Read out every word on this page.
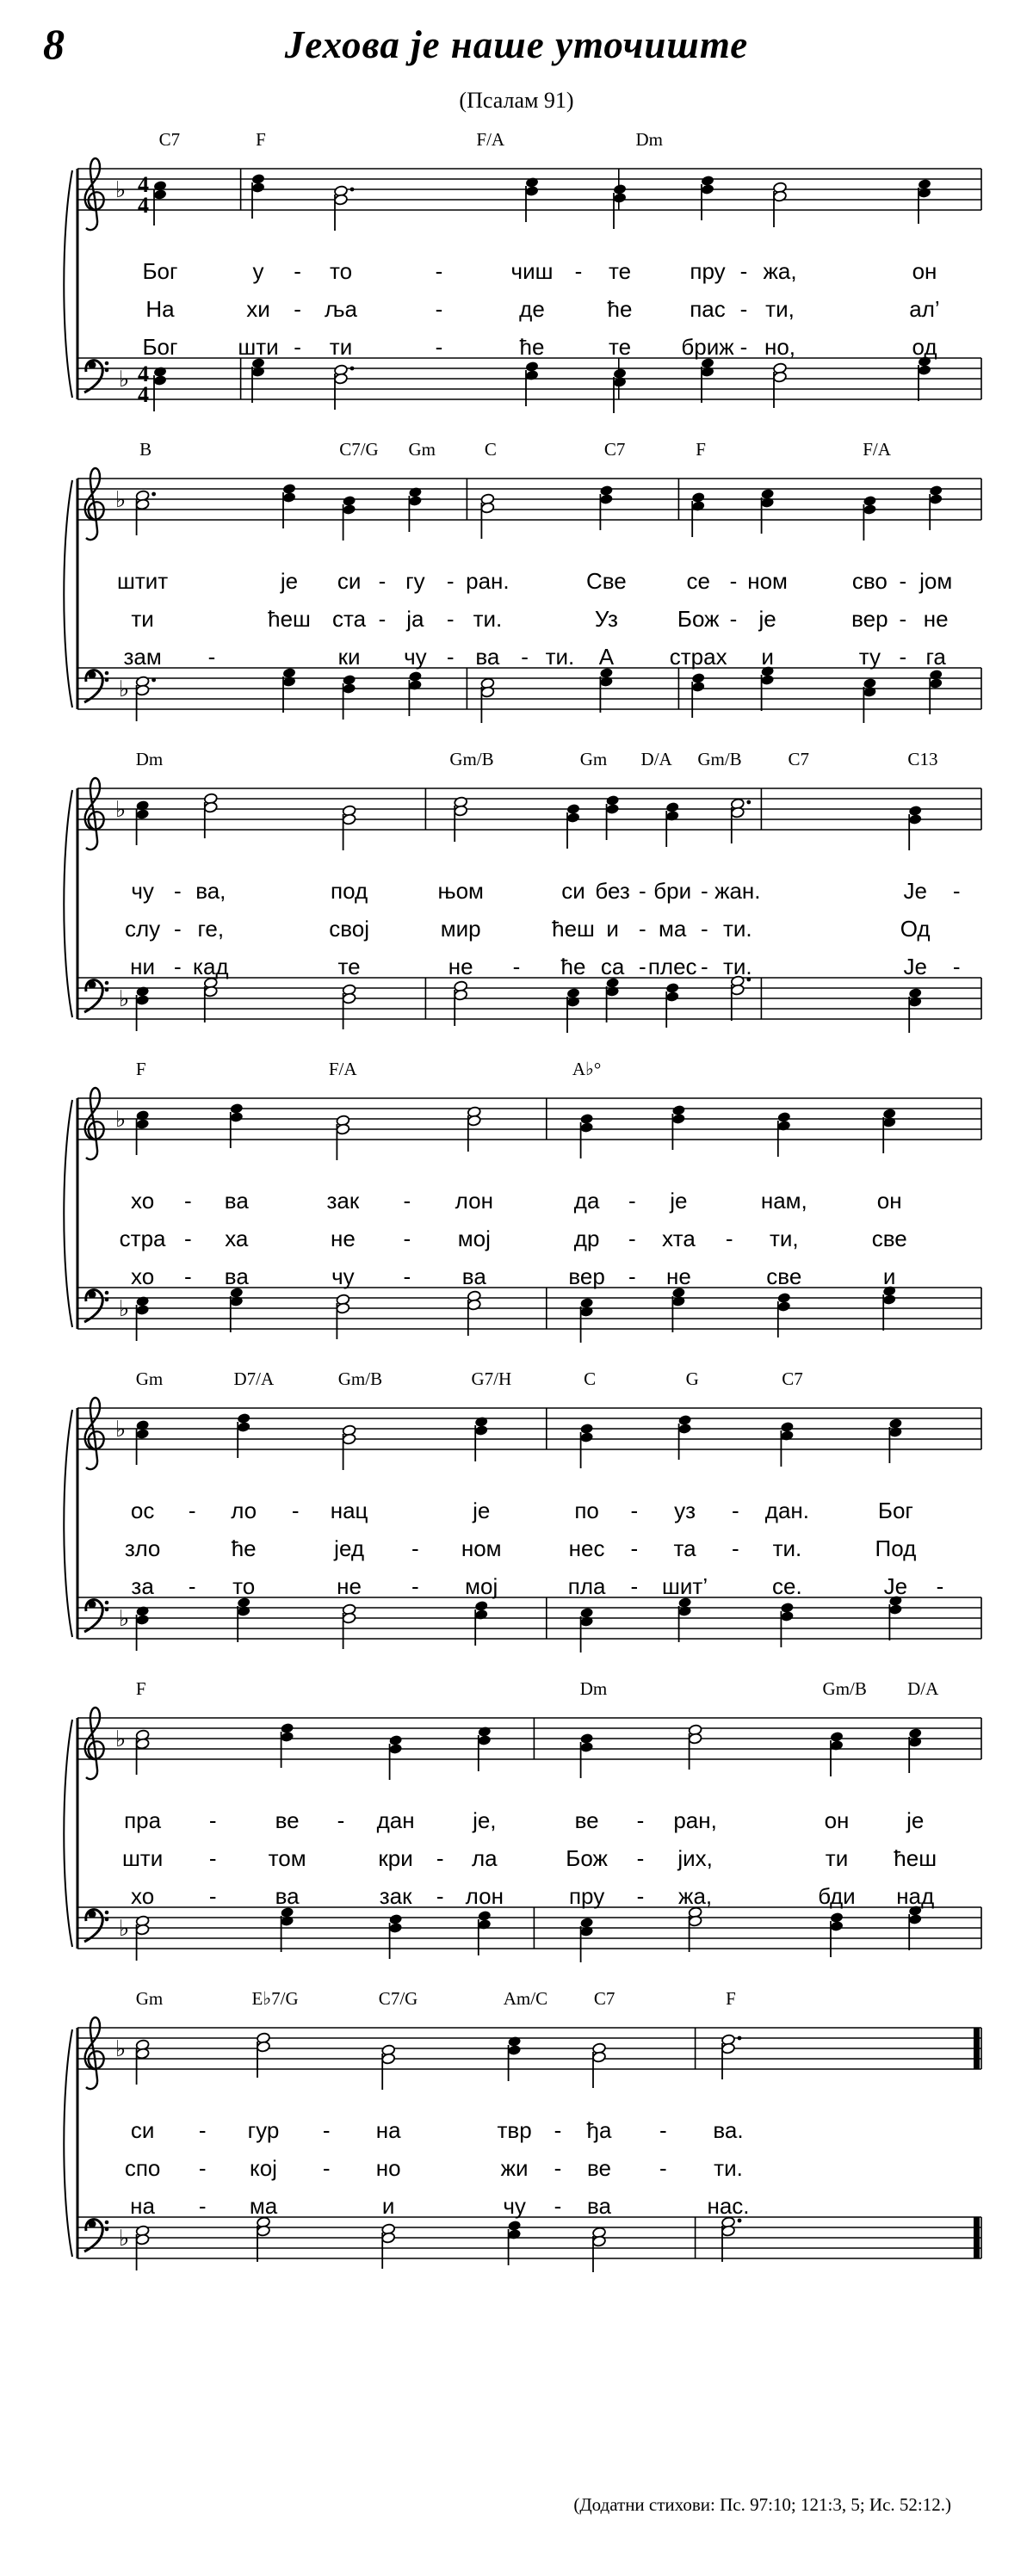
8	Јехова је наше уточиште
(Псалам 91)
C7	F	F/A	Dm
♭
♭
4
4
4
4
Бог	у - то	-	чиш - те	пру - жа,	он
На	хи - ља	-	де	ће	пас - ти,	ал’
Бог	шти - ти	-	ће	те бриж - но,	од
B	C7/G Gm	C	C7	F	F/A
♭
♭
штит	је си - гу - ран.	Све	се - ном	сво - јом
ти	ћеш ста - ја - ти.	Уз	Бож - је	вер - не
зам -	ки чу - ва - ти. А страх и	ту - га
Dm	Gm/B	Gm D/A Gm/B	C7	C13
♭
♭
чу - ва,	под	њом	си без - бри - жан.	Је -
слу - ге,	свој	мир	ћеш и - ма - ти.	Од
ни - кад	те	не - ће са - плес - ти.	Је -
F	F/A	A♭°
♭
♭
хо - ва	зак - лон	да - је	нам,	он
стра - ха	не - мој	др - хта - ти,	све
хо - ва	чу - ва	вер - не	све	и
Gm	D7/A	Gm/B	G7/H	C	G	C7
♭
♭
ос - ло - нац	је	по - уз - дан.	Бог
зло	ће	јед - ном	нес - та - ти.	Под
за - то	не - мој	пла - шит’	се.	Је -
F	Dm	Gm/B D/A
♭
♭
пра -	ве - дан	је,	ве - ран,	он	је
шти - том	кри - ла	Бож - јих,	ти ћеш
хо -	ва	зак - лон	пру - жа,	бди над
Gm	E♭7/G	C7/G	Am/C	C7	F
♭
♭
си - гур - на	твр - ђа - ва.
спо - кој - но	жи - ве - ти.
на - ма	и	чу - ва	нас.
(Додатни стихови: Пс. 97:10; 121:3, 5; Ис. 52:12.)
